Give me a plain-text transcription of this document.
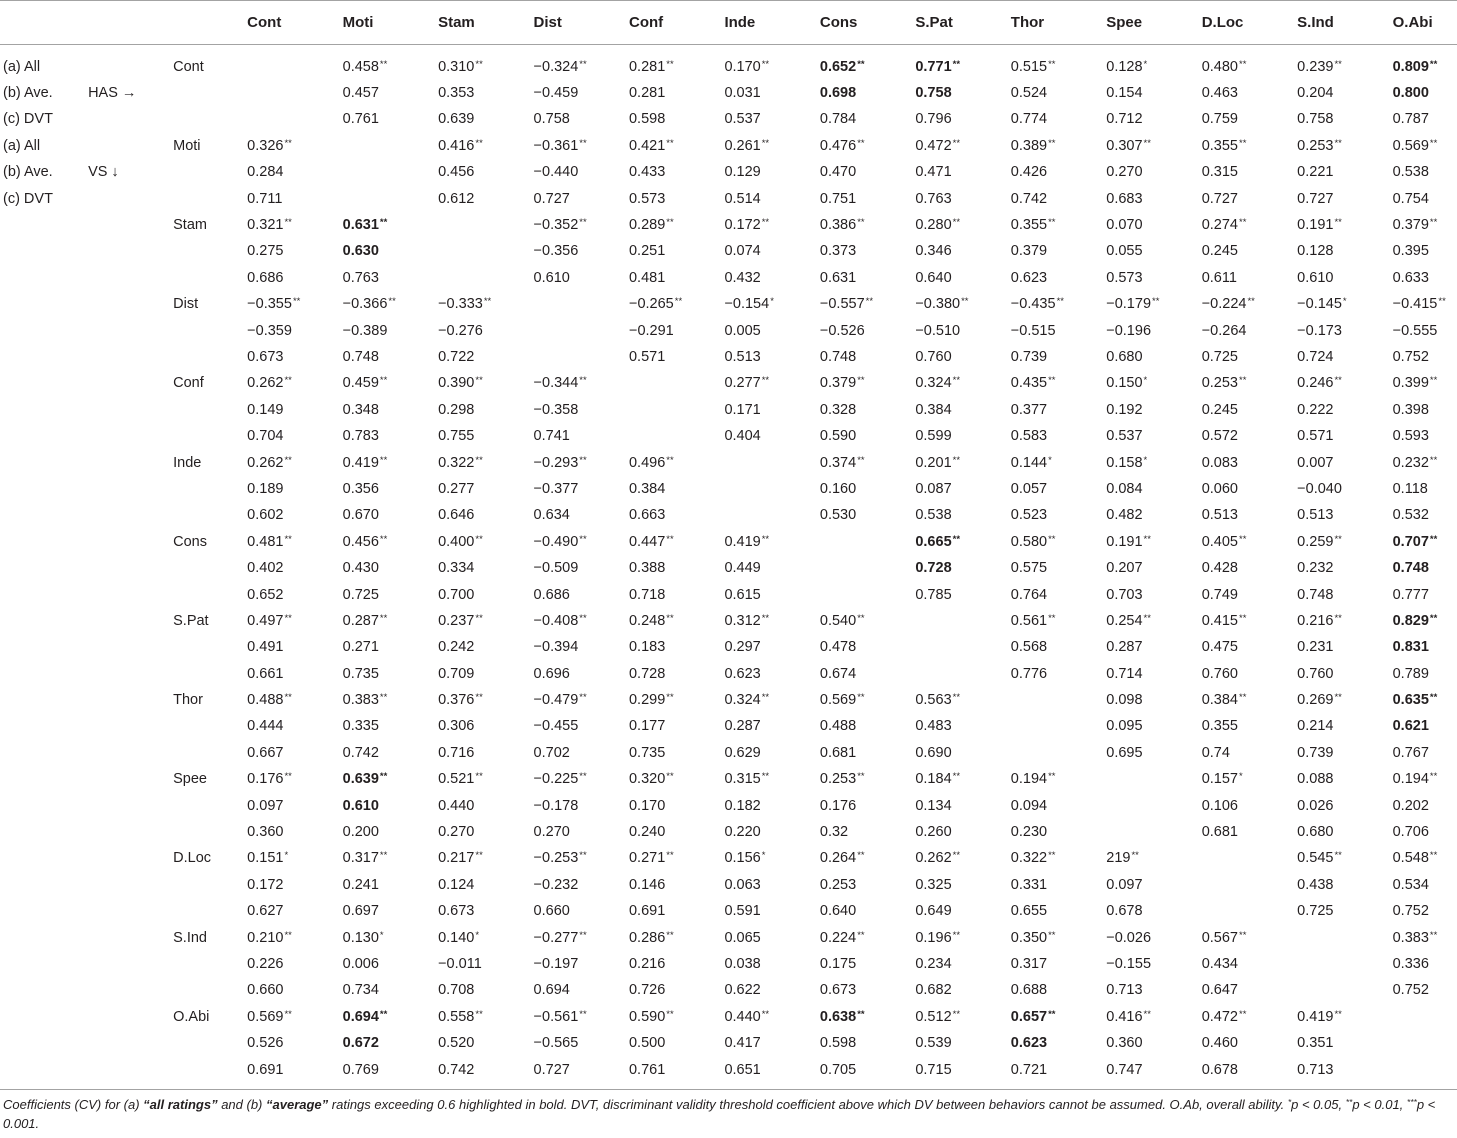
			Cont	Moti	Stam	Dist	Conf	Inde	Cons	S.Pat	Thor	Spee	D.Loc	S.Ind	O.Abi

(a) All		Cont		0.458**	0.310**	−0.324**	0.281**	0.170**	0.652**	0.771**	0.515**	0.128*	0.480**	0.239**	0.809**
(b) Ave.	HAS →			0.457	0.353	−0.459	0.281	0.031	0.698	0.758	0.524	0.154	0.463	0.204	0.800
(c) DVT				0.761	0.639	0.758	0.598	0.537	0.784	0.796	0.774	0.712	0.759	0.758	0.787
(a) All		Moti	0.326**		0.416**	−0.361**	0.421**	0.261**	0.476**	0.472**	0.389**	0.307**	0.355**	0.253**	0.569**
(b) Ave.	VS ↓		0.284		0.456	−0.440	0.433	0.129	0.470	0.471	0.426	0.270	0.315	0.221	0.538
(c) DVT			0.711		0.612	0.727	0.573	0.514	0.751	0.763	0.742	0.683	0.727	0.727	0.754
		Stam	0.321**	0.631**		−0.352**	0.289**	0.172**	0.386**	0.280**	0.355**	0.070	0.274**	0.191**	0.379**
			0.275	0.630		−0.356	0.251	0.074	0.373	0.346	0.379	0.055	0.245	0.128	0.395
			0.686	0.763		0.610	0.481	0.432	0.631	0.640	0.623	0.573	0.611	0.610	0.633
		Dist	−0.355**	−0.366**	−0.333**		−0.265**	−0.154*	−0.557**	−0.380**	−0.435**	−0.179**	−0.224**	−0.145*	−0.415**
			−0.359	−0.389	−0.276		−0.291	0.005	−0.526	−0.510	−0.515	−0.196	−0.264	−0.173	−0.555
			0.673	0.748	0.722		0.571	0.513	0.748	0.760	0.739	0.680	0.725	0.724	0.752
		Conf	0.262**	0.459**	0.390**	−0.344**		0.277**	0.379**	0.324**	0.435**	0.150*	0.253**	0.246**	0.399**
			0.149	0.348	0.298	−0.358		0.171	0.328	0.384	0.377	0.192	0.245	0.222	0.398
			0.704	0.783	0.755	0.741		0.404	0.590	0.599	0.583	0.537	0.572	0.571	0.593
		Inde	0.262**	0.419**	0.322**	−0.293**	0.496**		0.374**	0.201**	0.144*	0.158*	0.083	0.007	0.232**
			0.189	0.356	0.277	−0.377	0.384		0.160	0.087	0.057	0.084	0.060	−0.040	0.118
			0.602	0.670	0.646	0.634	0.663		0.530	0.538	0.523	0.482	0.513	0.513	0.532
		Cons	0.481**	0.456**	0.400**	−0.490**	0.447**	0.419**		0.665**	0.580**	0.191**	0.405**	0.259**	0.707**
			0.402	0.430	0.334	−0.509	0.388	0.449		0.728	0.575	0.207	0.428	0.232	0.748
			0.652	0.725	0.700	0.686	0.718	0.615		0.785	0.764	0.703	0.749	0.748	0.777
		S.Pat	0.497**	0.287**	0.237**	−0.408**	0.248**	0.312**	0.540**		0.561**	0.254**	0.415**	0.216**	0.829**
			0.491	0.271	0.242	−0.394	0.183	0.297	0.478		0.568	0.287	0.475	0.231	0.831
			0.661	0.735	0.709	0.696	0.728	0.623	0.674		0.776	0.714	0.760	0.760	0.789
		Thor	0.488**	0.383**	0.376**	−0.479**	0.299**	0.324**	0.569**	0.563**		0.098	0.384**	0.269**	0.635**
			0.444	0.335	0.306	−0.455	0.177	0.287	0.488	0.483		0.095	0.355	0.214	0.621
			0.667	0.742	0.716	0.702	0.735	0.629	0.681	0.690		0.695	0.74	0.739	0.767
		Spee	0.176**	0.639**	0.521**	−0.225**	0.320**	0.315**	0.253**	0.184**	0.194**		0.157*	0.088	0.194**
			0.097	0.610	0.440	−0.178	0.170	0.182	0.176	0.134	0.094		0.106	0.026	0.202
			0.360	0.200	0.270	0.270	0.240	0.220	0.32	0.260	0.230		0.681	0.680	0.706
		D.Loc	0.151*	0.317**	0.217**	−0.253**	0.271**	0.156*	0.264**	0.262**	0.322**	219**		0.545**	0.548**
			0.172	0.241	0.124	−0.232	0.146	0.063	0.253	0.325	0.331	0.097		0.438	0.534
			0.627	0.697	0.673	0.660	0.691	0.591	0.640	0.649	0.655	0.678		0.725	0.752
		S.Ind	0.210**	0.130*	0.140*	−0.277**	0.286**	0.065	0.224**	0.196**	0.350**	−0.026	0.567**		0.383**
			0.226	0.006	−0.011	−0.197	0.216	0.038	0.175	0.234	0.317	−0.155	0.434		0.336
			0.660	0.734	0.708	0.694	0.726	0.622	0.673	0.682	0.688	0.713	0.647		0.752
		O.Abi	0.569**	0.694**	0.558**	−0.561**	0.590**	0.440**	0.638**	0.512**	0.657**	0.416**	0.472**	0.419**	
			0.526	0.672	0.520	−0.565	0.500	0.417	0.598	0.539	0.623	0.360	0.460	0.351	
			0.691	0.769	0.742	0.727	0.761	0.651	0.705	0.715	0.721	0.747	0.678	0.713	

Coefficients (CV) for (a) “all ratings” and (b) “average” ratings exceeding 0.6 highlighted in bold. DVT, discriminant validity threshold coefficient above which DV between behaviors cannot be assumed. O.Ab, overall ability. *p < 0.05, **p < 0.01, ***p < 0.001.
